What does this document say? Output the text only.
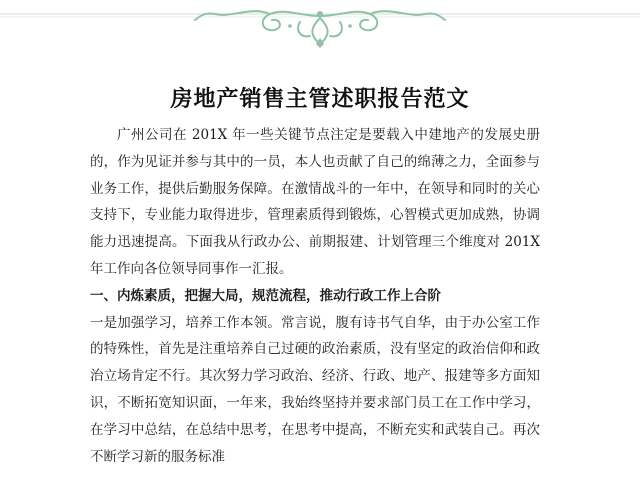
房地产销售主管述职报告范文

广州公司在 201X 年一些关键节点注定是要载入中建地产的发展史册的，作为见证并参与其中的一员，本人也贡献了自己的绵薄之力，全面参与业务工作，提供后勤服务保障。在激情战斗的一年中，在领导和同时的关心支持下，专业能力取得进步，管理素质得到锻炼，心智模式更加成熟，协调能力迅速提高。下面我从行政办公、前期报建、计划管理三个维度对 201X 年工作向各位领导同事作一汇报。

一、内炼素质，把握大局，规范流程，推动行政工作上合阶

一是加强学习，培养工作本领。常言说，腹有诗书气自华，由于办公室工作的特殊性，首先是注重培养自己过硬的政治素质，没有坚定的政治信仰和政治立场肯定不行。其次努力学习政治、经济、行政、地产、报建等多方面知识，不断拓宽知识面，一年来，我始终坚持并要求部门员工在工作中学习，在学习中总结，在总结中思考，在思考中提高，不断充实和武装自己。再次不断学习新的服务标准
